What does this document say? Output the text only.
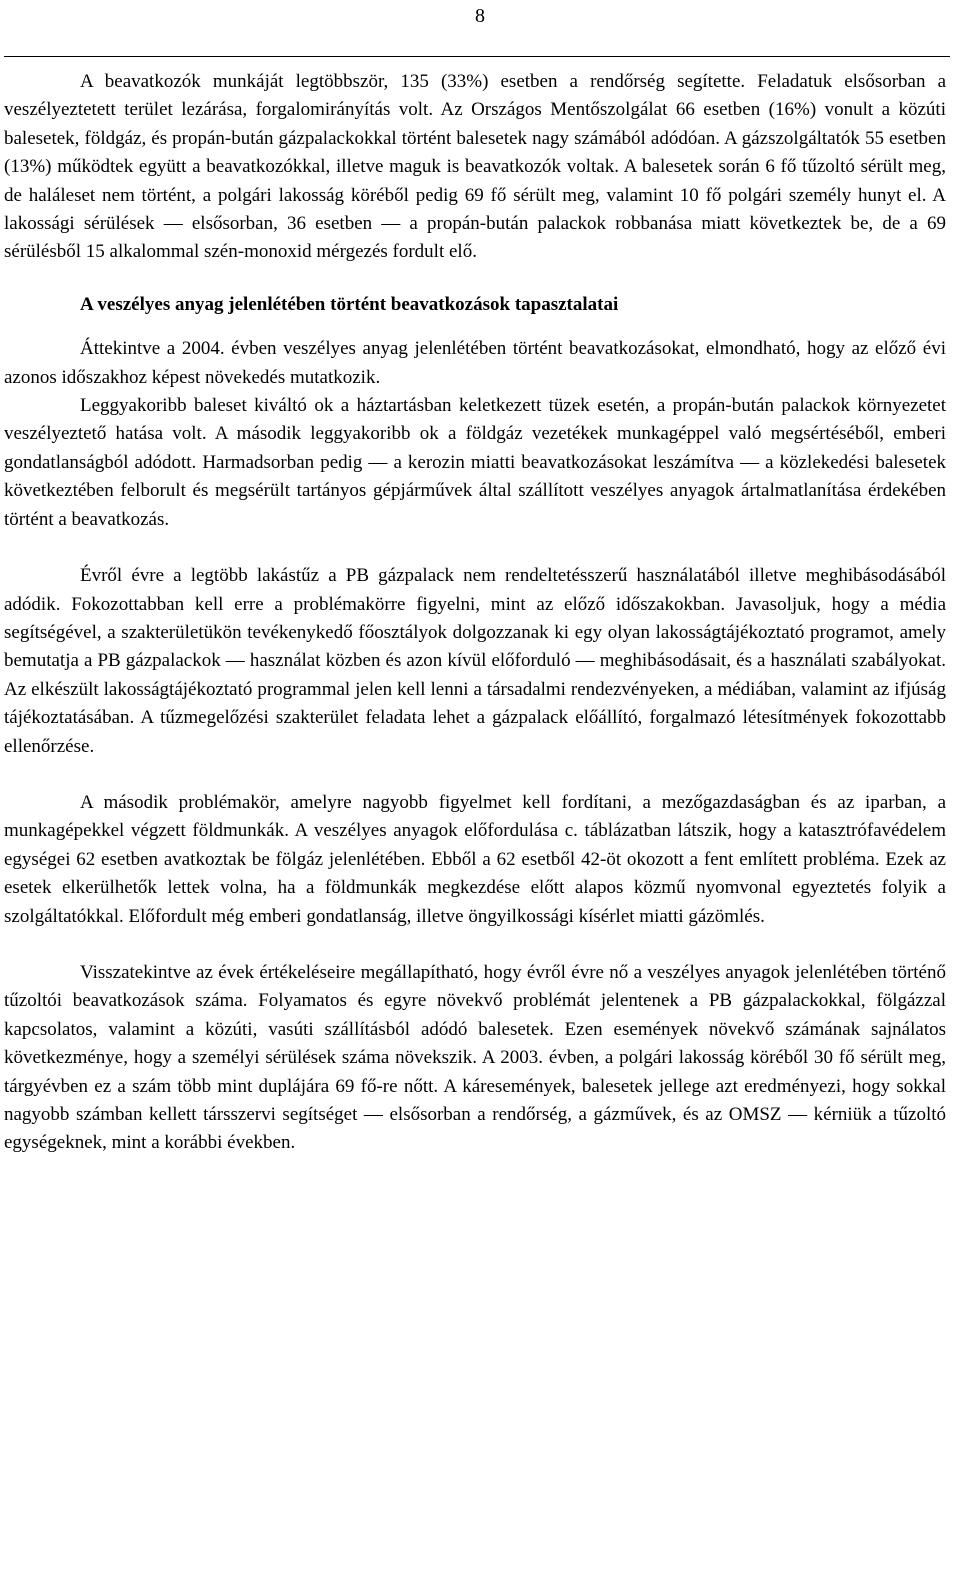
8

A beavatkozók munkáját legtöbbször, 135 (33%) esetben a rendőrség segítette. Feladatuk elsősorban a veszélyeztetett terület lezárása, forgalomirányítás volt. Az Országos Mentőszolgálat 66 esetben (16%) vonult a közúti balesetek, földgáz, és propán-bután gázpalackokkal történt balesetek nagy számából adódóan. A gázszolgáltatók 55 esetben (13%) működtek együtt a beavatkozókkal, illetve maguk is beavatkozók voltak. A balesetek során 6 fő tűzoltó sérült meg, de haláleset nem történt, a polgári lakosság köréből pedig 69 fő sérült meg, valamint 10 fő polgári személy hunyt el. A lakossági sérülések — elsősorban, 36 esetben — a propán-bután palackok robbanása miatt következtek be, de a 69 sérülésből 15 alkalommal szén-monoxid mérgezés fordult elő.

A veszélyes anyag jelenlétében történt beavatkozások tapasztalatai

Áttekintve a 2004. évben veszélyes anyag jelenlétében történt beavatkozásokat, elmondható, hogy az előző évi azonos időszakhoz képest növekedés mutatkozik.

Leggyakoribb baleset kiváltó ok a háztartásban keletkezett tüzek esetén, a propán-bután palackok környezetet veszélyeztető hatása volt. A második leggyakoribb ok a földgáz vezetékek munkagéppel való megsértéséből, emberi gondatlanságból adódott. Harmadsorban pedig — a kerozin miatti beavatkozásokat leszámítva — a közlekedési balesetek következtében felborult és megsérült tartányos gépjárművek által szállított veszélyes anyagok ártalmatlanítása érdekében történt a beavatkozás.

Évről évre a legtöbb lakástűz a PB gázpalack nem rendeltetésszerű használatából illetve meghibásodásából adódik. Fokozottabban kell erre a problémakörre figyelni, mint az előző időszakokban. Javasoljuk, hogy a média segítségével, a szakterületükön tevékenykedő főosztályok dolgozzanak ki egy olyan lakosságtájékoztató programot, amely bemutatja a PB gázpalackok — használat közben és azon kívül előforduló — meghibásodásait, és a használati szabályokat. Az elkészült lakosságtájékoztató programmal jelen kell lenni a társadalmi rendezvényeken, a médiában, valamint az ifjúság tájékoztatásában. A tűzmegelőzési szakterület feladata lehet a gázpalack előállító, forgalmazó létesítmények fokozottabb ellenőrzése.

A második problémakör, amelyre nagyobb figyelmet kell fordítani, a mezőgazdaságban és az iparban, a munkagépekkel végzett földmunkák. A veszélyes anyagok előfordulása c. táblázatban látszik, hogy a katasztrófavédelem egységei 62 esetben avatkoztak be fölgáz jelenlétében. Ebből a 62 esetből 42-öt okozott a fent említett probléma. Ezek az esetek elkerülhetők lettek volna, ha a földmunkák megkezdése előtt alapos közmű nyomvonal egyeztetés folyik a szolgáltatókkal. Előfordult még emberi gondatlanság, illetve öngyilkossági kísérlet miatti gázömlés.

Visszatekintve az évek értékeléseire megállapítható, hogy évről évre nő a veszélyes anyagok jelenlétében történő tűzoltói beavatkozások száma. Folyamatos és egyre növekvő problémát jelentenek a PB gázpalackokkal, fölgázzal kapcsolatos, valamint a közúti, vasúti szállításból adódó balesetek. Ezen események növekvő számának sajnálatos következménye, hogy a személyi sérülések száma növekszik. A 2003. évben, a polgári lakosság köréből 30 fő sérült meg, tárgyévben ez a szám több mint duplájára 69 fő-re nőtt. A káresemények, balesetek jellege azt eredményezi, hogy sokkal nagyobb számban kellett társszervi segítséget — elsősorban a rendőrség, a gázművek, és az OMSZ — kérniük a tűzoltó egységeknek, mint a korábbi években.
